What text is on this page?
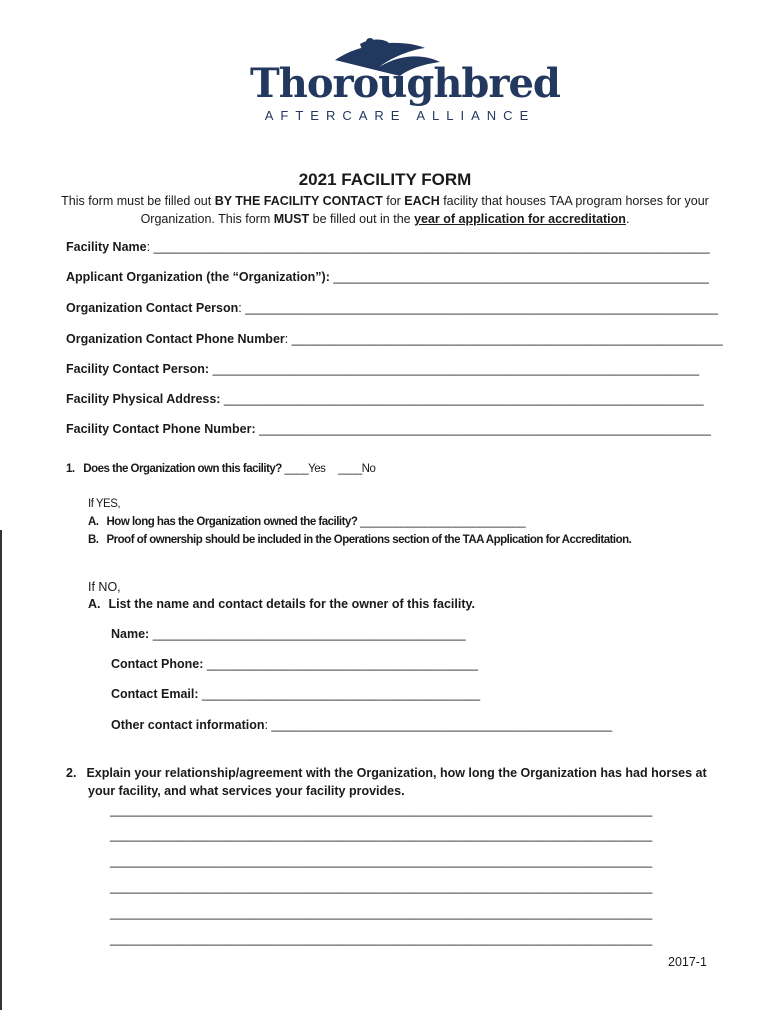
Thoroughbred
AFTERCARE ALLIANCE
2021 FACILITY FORM
This form must be filled out BY THE FACILITY CONTACT for EACH facility that houses TAA program horses for your Organization. This form MUST be filled out in the year of application for accreditation.
Facility Name: ________________________________________________________________________________
Applicant Organization (the “Organization”): ______________________________________________________
Organization Contact Person: ____________________________________________________________________
Organization Contact Phone Number: ______________________________________________________________
Facility Contact Person: ______________________________________________________________________
Facility Physical Address: _____________________________________________________________________
Facility Contact Phone Number: _________________________________________________________________
1. Does the Organization own this facility? ____Yes ____No
If YES,
A. How long has the Organization owned the facility? ____________________________
B. Proof of ownership should be included in the Operations section of the TAA Application for Accreditation.
If NO,
A. List the name and contact details for the owner of this facility.
Name: _____________________________________________
Contact Phone: _______________________________________
Contact Email: ________________________________________
Other contact information: _________________________________________________
2. Explain your relationship/agreement with the Organization, how long the Organization has had horses at
your facility, and what services your facility provides.
______________________________________________________________________________
______________________________________________________________________________
______________________________________________________________________________
______________________________________________________________________________
______________________________________________________________________________
______________________________________________________________________________
2017-1
